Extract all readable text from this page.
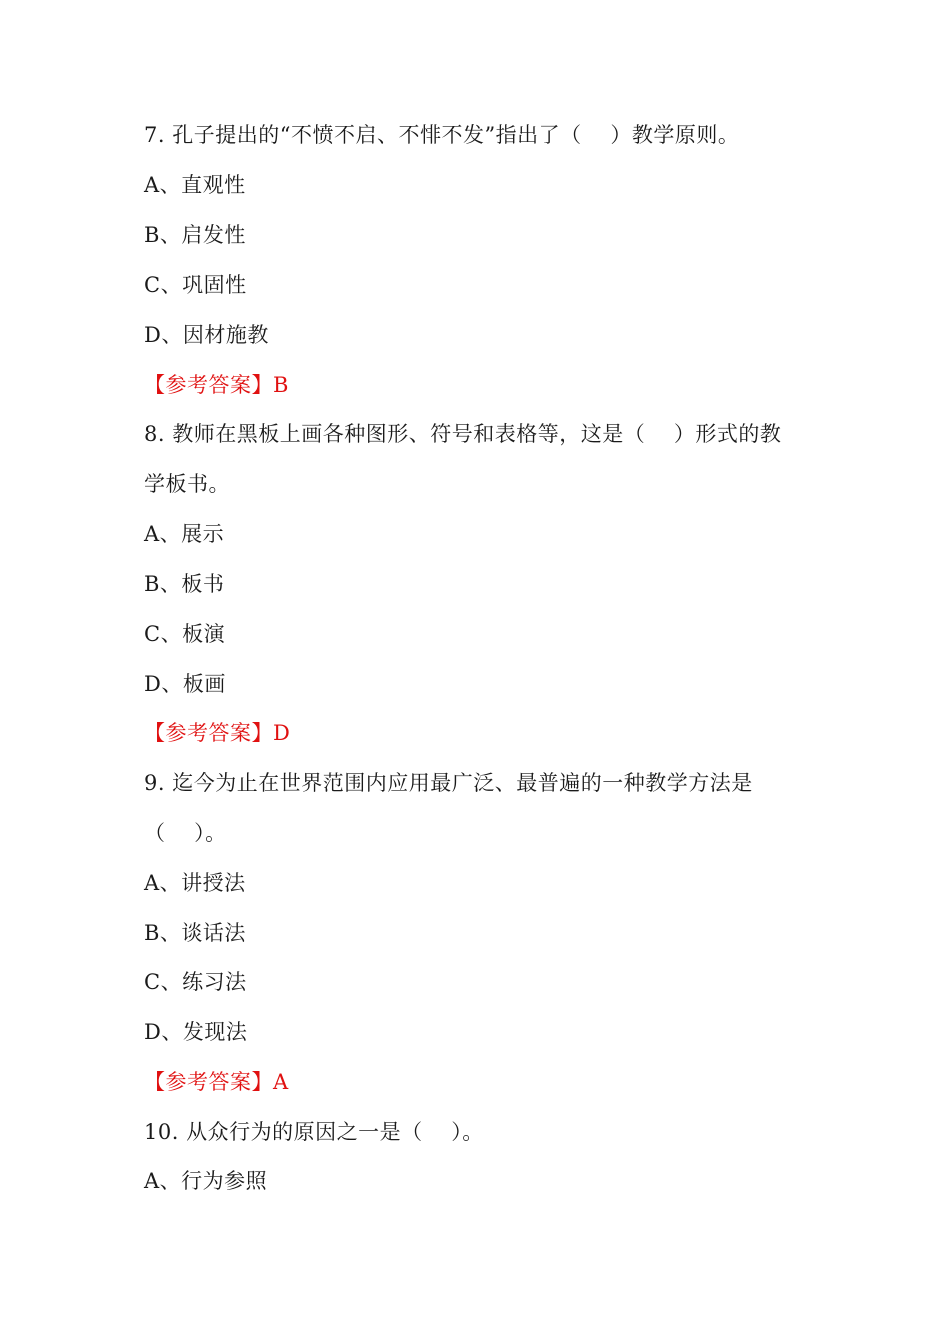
7. 孔子提出的“不愤不启、不悱不发”指出了（　 ）教学原则。
A、直观性
B、启发性
C、巩固性
D、因材施教
【参考答案】B
8. 教师在黑板上画各种图形、符号和表格等，这是（　 ）形式的教
学板书。
A、展示
B、板书
C、板演
D、板画
【参考答案】D
9. 迄今为止在世界范围内应用最广泛、最普遍的一种教学方法是
（　 ）。
A、讲授法
B、谈话法
C、练习法
D、发现法
【参考答案】A
10. 从众行为的原因之一是（　 ）。
A、行为参照
